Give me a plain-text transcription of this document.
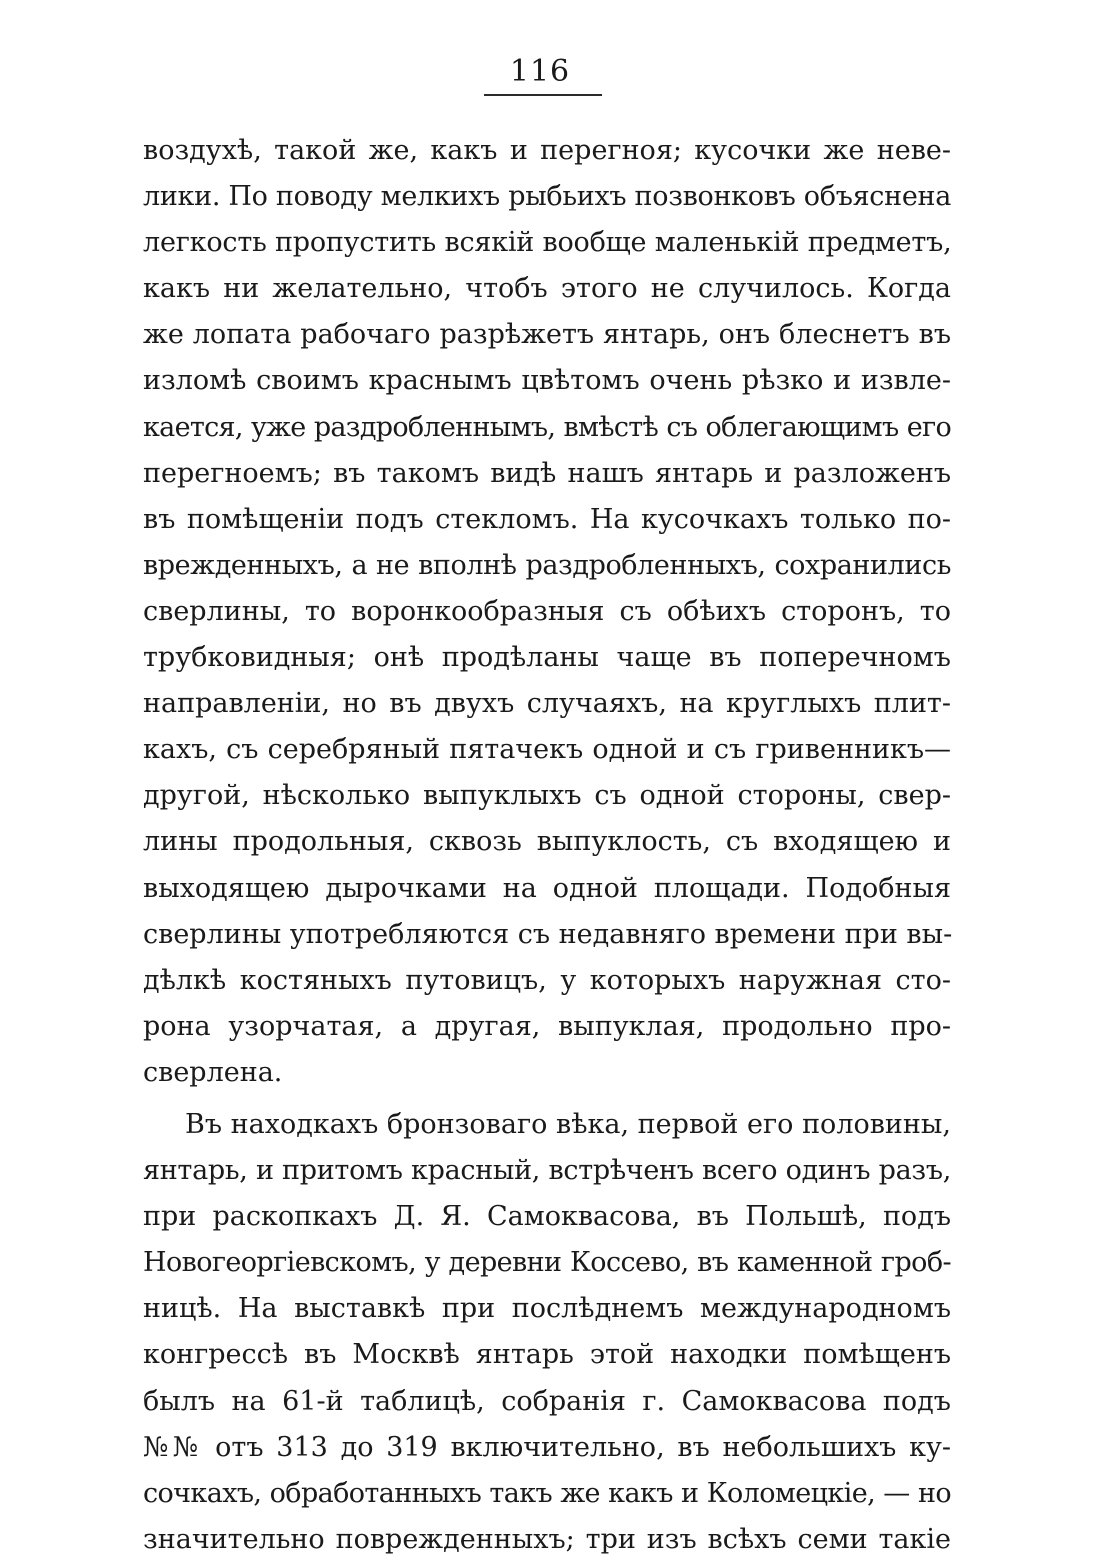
116
воздухѣ, такой же, какъ и перегноя; кусочки же неве-
лики. По поводу мелкихъ рыбьихъ позвонковъ объяснена
легкость пропустить всякій вообще маленькій предметъ,
какъ ни желательно, чтобъ этого не случилось. Когда
же лопата рабочаго разрѣжетъ янтарь, онъ блеснетъ въ
изломѣ своимъ краснымъ цвѣтомъ очень рѣзко и извле-
кается, уже раздробленнымъ, вмѣстѣ съ облегающимъ его
перегноемъ; въ такомъ видѣ нашъ янтарь и разложенъ
въ помѣщеніи подъ стекломъ. На кусочкахъ только по-
врежденныхъ, а не вполнѣ раздробленныхъ, сохранились
сверлины, то воронкообразныя съ обѣихъ сторонъ, то
трубковидныя; онѣ продѣланы чаще въ поперечномъ
направленіи, но въ двухъ случаяхъ, на круглыхъ плит-
кахъ, съ серебряный пятачекъ одной и съ гривенникъ—
другой, нѣсколько выпуклыхъ съ одной стороны, свер-
лины продольныя, сквозь выпуклость, съ входящею и
выходящею дырочками на одной площади. Подобныя
сверлины употребляются съ недавняго времени при вы-
дѣлкѣ костяныхъ путовицъ, у которыхъ наружная сто-
рона узорчатая, а другая, выпуклая, продольно про-
сверлена.
Въ находкахъ бронзоваго вѣка, первой его половины,
янтарь, и притомъ красный, встрѣченъ всего одинъ разъ,
при раскопкахъ Д. Я. Самоквасова, въ Польшѣ, подъ
Новогеоргіевскомъ, у деревни Коссево, въ каменной гроб-
ницѣ. На выставкѣ при послѣднемъ международномъ
конгрессѣ въ Москвѣ янтарь этой находки помѣщенъ
былъ на 61-й таблицѣ, собранія г. Самоквасова подъ
№№ отъ 313 до 319 включительно, въ небольшихъ ку-
сочкахъ, обработанныхъ такъ же какъ и Коломецкіе, — но
значительно поврежденныхъ; три изъ всѣхъ семи такіе
